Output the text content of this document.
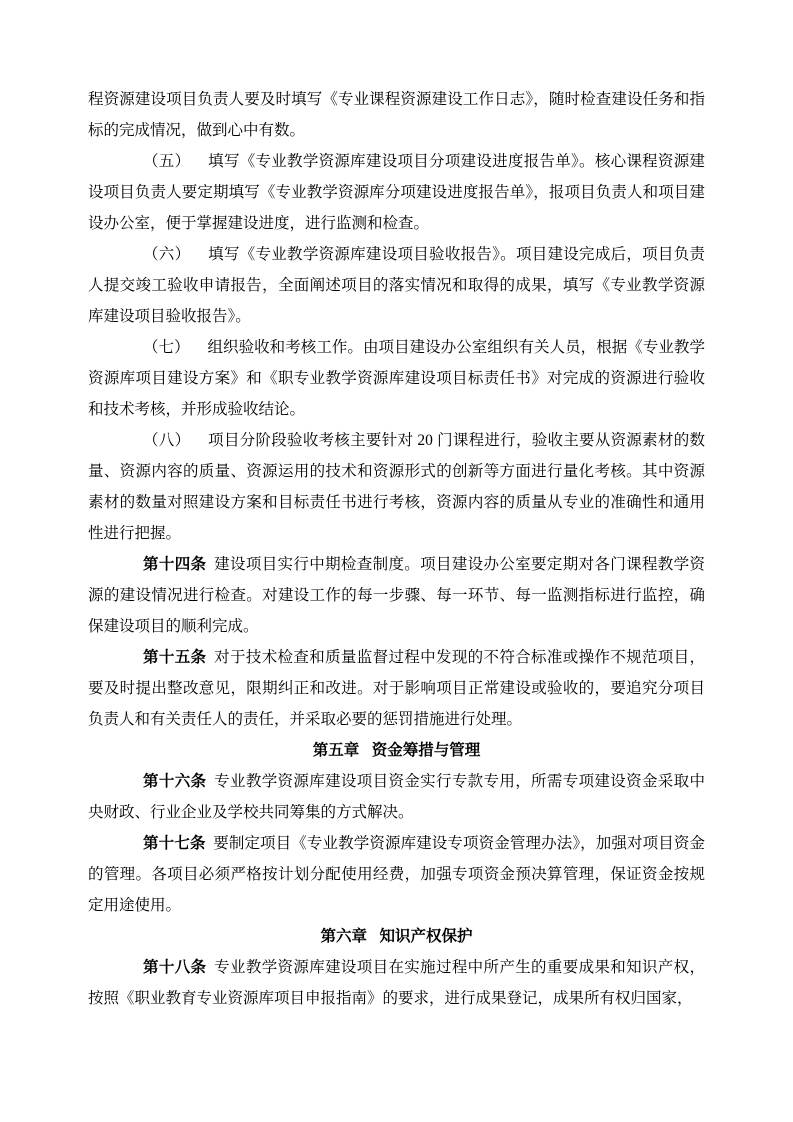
程资源建设项目负责人要及时填写《专业课程资源建设工作日志》，随时检查建设任务和指标的完成情况，做到心中有数。

（五） 填写《专业教学资源库建设项目分项建设进度报告单》。核心课程资源建设项目负责人要定期填写《专业教学资源库分项建设进度报告单》，报项目负责人和项目建设办公室，便于掌握建设进度，进行监测和检查。

（六） 填写《专业教学资源库建设项目验收报告》。项目建设完成后，项目负责人提交竣工验收申请报告，全面阐述项目的落实情况和取得的成果，填写《专业教学资源库建设项目验收报告》。

（七） 组织验收和考核工作。由项目建设办公室组织有关人员，根据《专业教学资源库项目建设方案》和《职专业教学资源库建设项目标责任书》对完成的资源进行验收和技术考核，并形成验收结论。

（八） 项目分阶段验收考核主要针对 20 门课程进行，验收主要从资源素材的数量、资源内容的质量、资源运用的技术和资源形式的创新等方面进行量化考核。其中资源素材的数量对照建设方案和目标责任书进行考核，资源内容的质量从专业的准确性和通用性进行把握。

第十四条 建设项目实行中期检查制度。项目建设办公室要定期对各门课程教学资源的建设情况进行检查。对建设工作的每一步骤、每一环节、每一监测指标进行监控，确保建设项目的顺利完成。

第十五条 对于技术检查和质量监督过程中发现的不符合标准或操作不规范项目，要及时提出整改意见，限期纠正和改进。对于影响项目正常建设或验收的，要追究分项目负责人和有关责任人的责任，并采取必要的惩罚措施进行处理。

第五章 资金筹措与管理

第十六条 专业教学资源库建设项目资金实行专款专用，所需专项建设资金采取中央财政、行业企业及学校共同筹集的方式解决。

第十七条 要制定项目《专业教学资源库建设专项资金管理办法》，加强对项目资金的管理。各项目必须严格按计划分配使用经费，加强专项资金预决算管理，保证资金按规定用途使用。

第六章 知识产权保护

第十八条 专业教学资源库建设项目在实施过程中所产生的重要成果和知识产权，按照《职业教育专业资源库项目申报指南》的要求，进行成果登记，成果所有权归国家，
